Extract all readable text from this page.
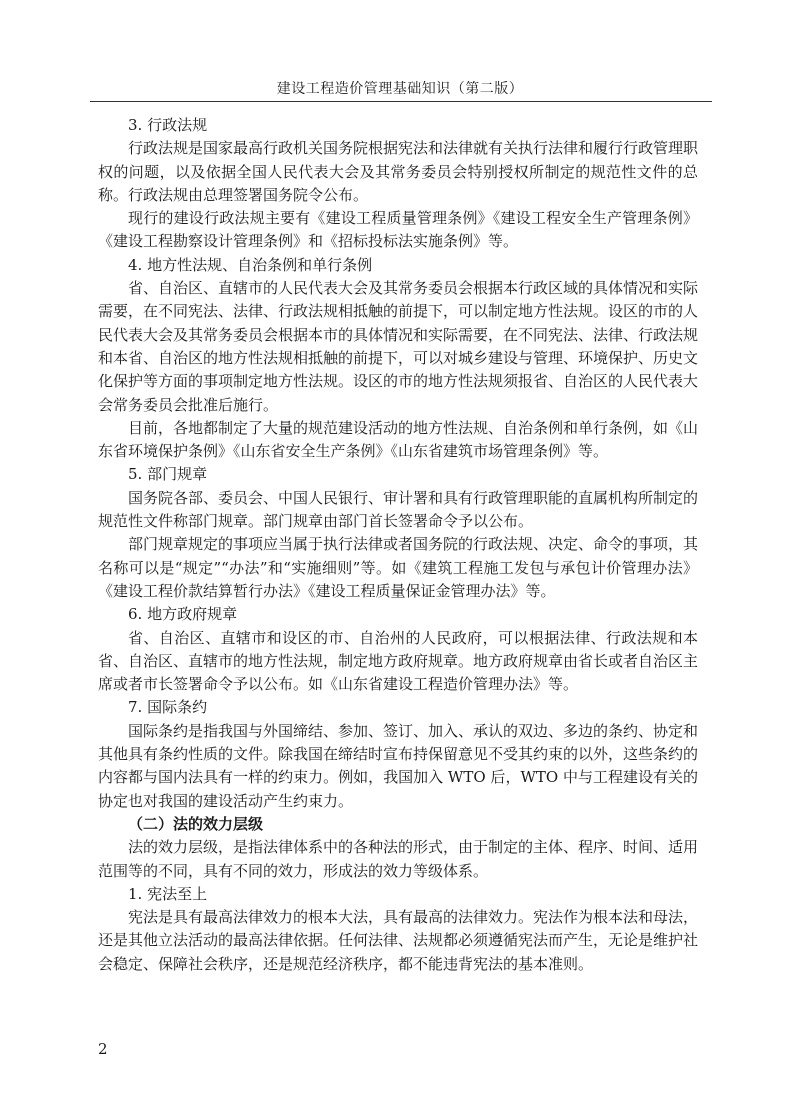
建设工程造价管理基础知识（第二版）

3. 行政法规

行政法规是国家最高行政机关国务院根据宪法和法律就有关执行法律和履行行政管理职权的问题，以及依据全国人民代表大会及其常务委员会特别授权所制定的规范性文件的总称。行政法规由总理签署国务院令公布。

现行的建设行政法规主要有《建设工程质量管理条例》《建设工程安全生产管理条例》《建设工程勘察设计管理条例》和《招标投标法实施条例》等。

4. 地方性法规、自治条例和单行条例

省、自治区、直辖市的人民代表大会及其常务委员会根据本行政区域的具体情况和实际需要，在不同宪法、法律、行政法规相抵触的前提下，可以制定地方性法规。设区的市的人民代表大会及其常务委员会根据本市的具体情况和实际需要，在不同宪法、法律、行政法规和本省、自治区的地方性法规相抵触的前提下，可以对城乡建设与管理、环境保护、历史文化保护等方面的事项制定地方性法规。设区的市的地方性法规须报省、自治区的人民代表大会常务委员会批准后施行。

目前，各地都制定了大量的规范建设活动的地方性法规、自治条例和单行条例，如《山东省环境保护条例》《山东省安全生产条例》《山东省建筑市场管理条例》等。

5. 部门规章

国务院各部、委员会、中国人民银行、审计署和具有行政管理职能的直属机构所制定的规范性文件称部门规章。部门规章由部门首长签署命令予以公布。

部门规章规定的事项应当属于执行法律或者国务院的行政法规、决定、命令的事项，其名称可以是“规定”“办法”和“实施细则”等。如《建筑工程施工发包与承包计价管理办法》《建设工程价款结算暂行办法》《建设工程质量保证金管理办法》等。

6. 地方政府规章

省、自治区、直辖市和设区的市、自治州的人民政府，可以根据法律、行政法规和本省、自治区、直辖市的地方性法规，制定地方政府规章。地方政府规章由省长或者自治区主席或者市长签署命令予以公布。如《山东省建设工程造价管理办法》等。

7. 国际条约

国际条约是指我国与外国缔结、参加、签订、加入、承认的双边、多边的条约、协定和其他具有条约性质的文件。除我国在缔结时宣布持保留意见不受其约束的以外，这些条约的内容都与国内法具有一样的约束力。例如，我国加入 WTO 后，WTO 中与工程建设有关的协定也对我国的建设活动产生约束力。

（二）法的效力层级

法的效力层级，是指法律体系中的各种法的形式，由于制定的主体、程序、时间、适用范围等的不同，具有不同的效力，形成法的效力等级体系。

1. 宪法至上

宪法是具有最高法律效力的根本大法，具有最高的法律效力。宪法作为根本法和母法，还是其他立法活动的最高法律依据。任何法律、法规都必须遵循宪法而产生，无论是维护社会稳定、保障社会秩序，还是规范经济秩序，都不能违背宪法的基本准则。

2
